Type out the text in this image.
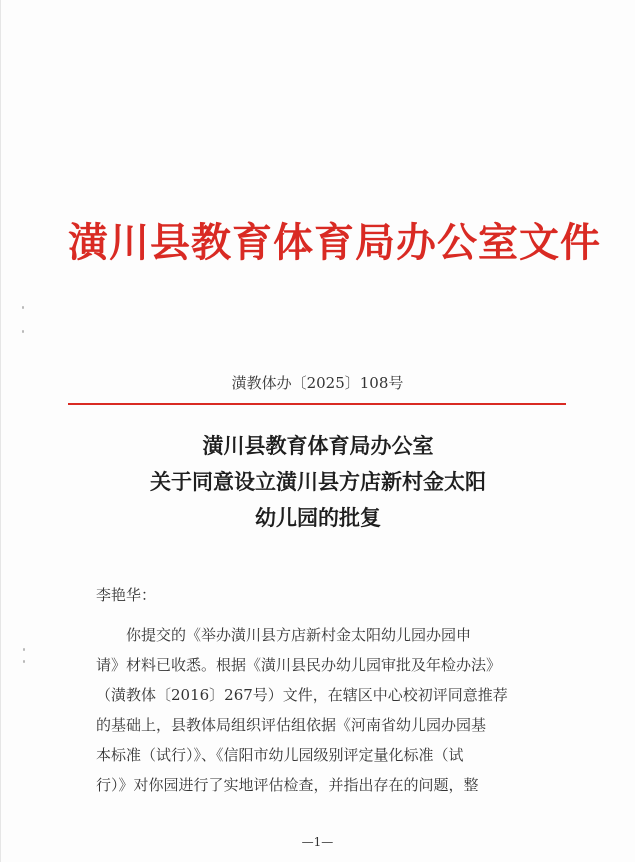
潢川县教育体育局办公室文件
潢教体办〔2025〕108号
潢川县教育体育局办公室
关于同意设立潢川县方店新村金太阳
幼儿园的批复
李艳华：
你提交的《举办潢川县方店新村金太阳幼儿园办园申
请》材料已收悉。根据《潢川县民办幼儿园审批及年检办法》
（潢教体〔2016〕267号）文件，在辖区中心校初评同意推荐
的基础上，县教体局组织评估组依据《河南省幼儿园办园基
本标准（试行）》、《信阳市幼儿园级别评定量化标准（试
行）》对你园进行了实地评估检查，并指出存在的问题，整
—1—
